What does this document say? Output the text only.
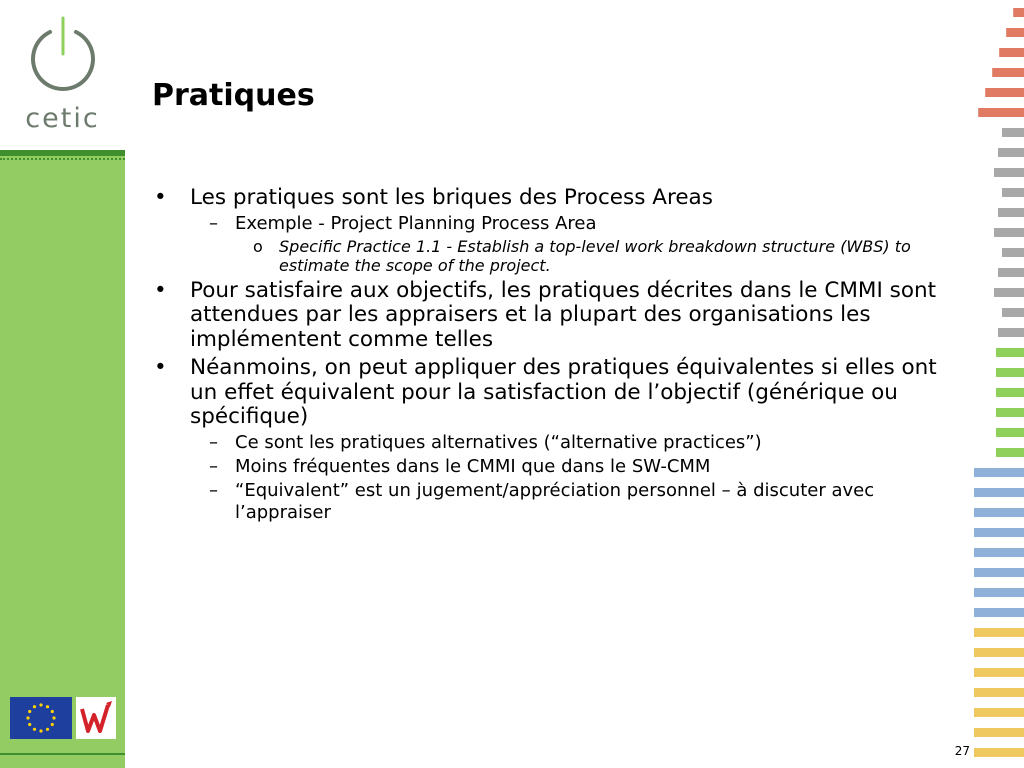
cetic
Pratiques
• Les pratiques sont les briques des Process Areas
– Exemple - Project Planning Process Area
o Specific Practice 1.1 - Establish a top-level work breakdown structure (WBS) to estimate the scope of the project.
• Pour satisfaire aux objectifs, les pratiques décrites dans le CMMI sont attendues par les appraisers et la plupart des organisations les implémentent comme telles
• Néanmoins, on peut appliquer des pratiques équivalentes si elles ont un effet équivalent pour la satisfaction de l’objectif (générique ou spécifique)
– Ce sont les pratiques alternatives (“alternative practices”)
– Moins fréquentes dans le CMMI que dans le SW-CMM
– “Equivalent” est un jugement/appréciation personnel – à discuter avec l’appraiser
27
